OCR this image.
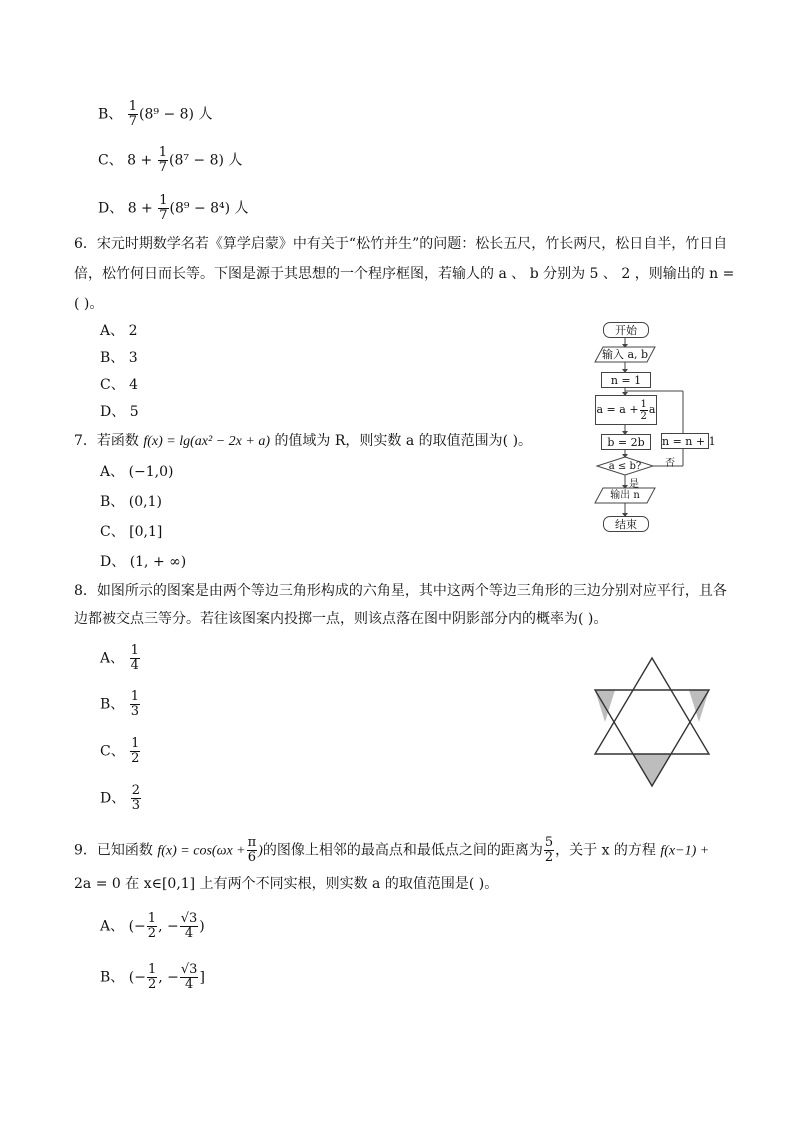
B、 $\frac{1}{7} (8^9 - 8)$ 人
C、 $8 + \frac{1}{7} (8^7 - 8)$ 人
D、 $8 + \frac{1}{7} (8^9 - 8^4)$ 人
6．宋元时期数学名若《算学启蒙》中有关于“松竹并生”的问题：松长五尺，竹长两尺，松日自半，竹日自
倍，松竹何日而长等。下图是源于其思想的一个程序框图，若输人的 a 、 b 分别为 5 、 2 ，则输出的 n =
( )。
A、 2
B、 3
C、 4
D、 5
开始
输入 a, b
n = 1
$a = a + \frac{1}{2}$ a
b = 2b	n = n + 1
a ≤ b?
是
否
输出 n
结束
7．若函数 f(x) = lg(ax² − 2x + a) 的值域为 R，则实数 a 的取值范围为( )。
A、 (−1,0)
B、 (0,1)
C、 [0,1]
D、 (1, + ∞)
8．如图所示的图案是由两个等边三角形构成的六角星，其中这两个等边三角形的三边分别对应平行，且各
边都被交点三等分。若往该图案内投掷一点，则该点落在图中阴影部分内的概率为( )。
A、 $\frac{1}{4}$
B、 $\frac{1}{3}$
C、 $\frac{1}{2}$
D、 $\frac{2}{3}$
9．已知函数 $f(x) = \cos(\omega x + \frac{\pi}{6}$ )的图像上相邻的最高点和最低点之间的距离为 $\frac{5}{2}$ ，关于 x 的方程 f(x−1) +
2a = 0 在 x∈[0,1] 上有两个不同实根，则实数 a 的取值范围是( )。
A、 (− $\frac{1}{2}$ , − $\frac{√3}{4}$ )
B、 (− $\frac{1}{2}$ , − $\frac{√3}{4}$ ]
